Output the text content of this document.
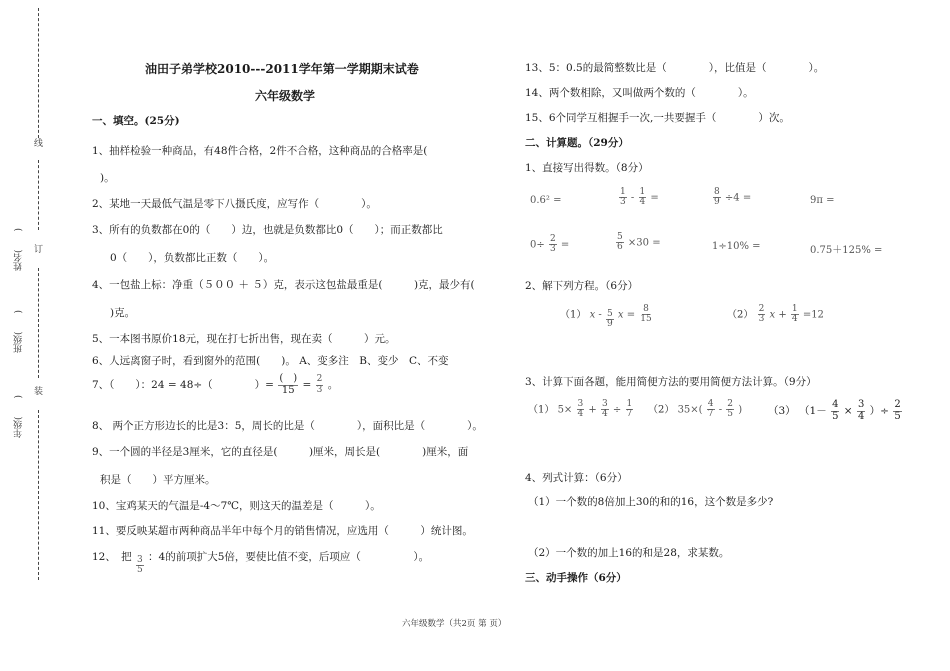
线
姓名(　　) 订
班级(　　)
年级(　　)
装
油田子弟学校2010---2011学年第一学期期末试卷
六年级数学
一、填空。(25分)
1、抽样检验一种商品，有48件合格，2件不合格，这种商品的合格率是(
)。
2、某地一天最低气温是零下八摄氏度，应写作（　　　　）。
3、所有的负数都在0的（　　）边，也就是负数都比0（　　）；而正数都比
0（　　），负数都比正数（　　）。
4、一包盐上标：净重（５００ ＋ ５）克，表示这包盐最重是(　　　)克，最少有(
)克。
5、一本图书原价18元，现在打七折出售，现在卖（　　　）元。
6、人远离窗子时，看到窗外的范围(　　)。 A、变多注　B、变少　C、不变
7、（　　）：24 = 48÷（　　　　）= $\frac{( )}{15} = \frac{2}{3}$ 。
8、 两个正方形边长的比是3：5，周长的比是（　　　　），面积比是（　　　　）。
9、一个圆的半径是3厘米，它的直径是(　　　)厘米，周长是(　　　　)厘米，面
积是（　　）平方厘米。
10、宝鸡某天的气温是-4～7℃，则这天的温差是（　　　）。
11、要反映某超市两种商品半年中每个月的销售情况，应选用（　　　）统计图。
12、　把 $\frac{3}{5}$ ：4的前项扩大5倍，要使比值不变，后项应（　　　　　）。
13、5：0.5的最简整数比是（　　　　），比值是（　　　　）。
14、两个数相除，又叫做两个数的（　　　　）。
15、6个同学互相握手一次,一共要握手（　　　　）次。
二、计算题。（29分）
1、直接写出得数。（8分）
0.6² =	$\frac{1}{3} - \frac{1}{4}$ =	$\frac{8}{9} \div 4$ =	9π =
$0\div \frac{2}{3}$ =	$\frac{5}{6} \times 30$ =	1÷10% =	0.75＋125% =
2、解下列方程。（6分）
（1） x - $\frac{5}{9}$ $x = \frac{8}{15}$	$(2) \frac{2}{3}$ $x + \frac{1}{4} =12$
3、计算下面各题，能用简便方法的要用简便方法计算。（9分）
（1） $5\times \frac{3}{4} + \frac{3}{4} \div \frac{1}{7} (2)$ $35\times( \frac{4}{7} - \frac{2}{5}$ ) （3） （$1- \frac{4}{5} \times \frac{3}{4}$ ）÷ $\frac{2}{5}$
4、列式计算：（6分）
（1）一个数的8倍加上30的和的16，这个数是多少?
（2）一个数的加上16的和是28，求某数。
三、动手操作（6分）
六年级数学（共2页 第 页）
